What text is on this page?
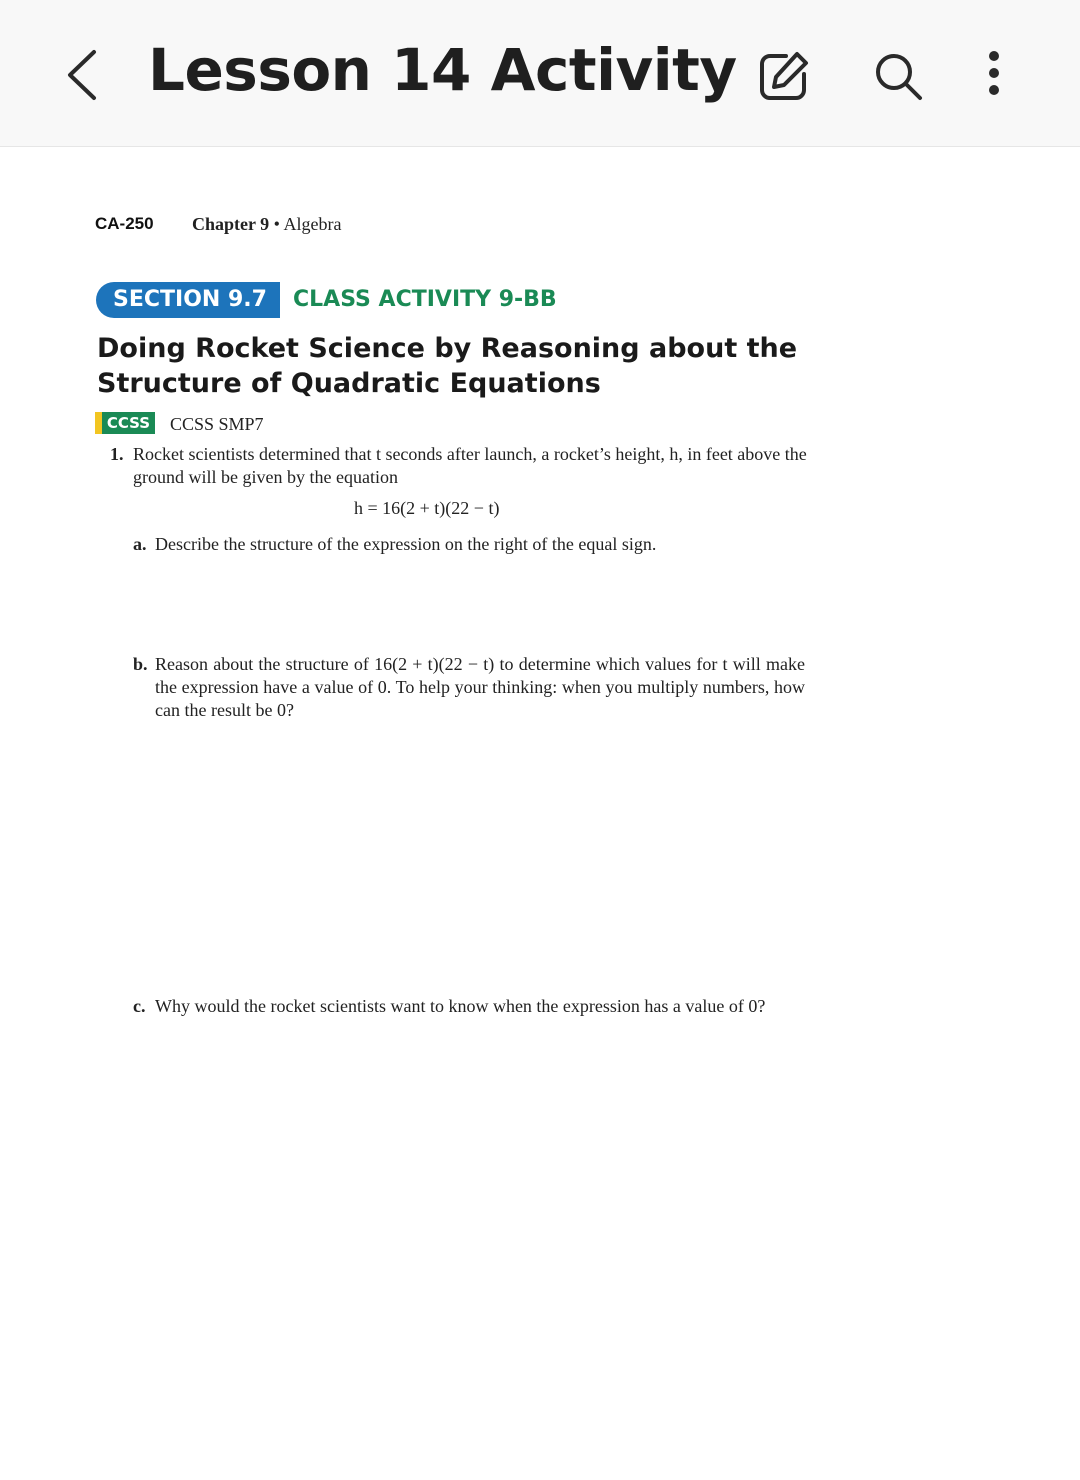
Lesson 14 Activity
CA-250 Chapter 9 • Algebra
SECTION 9.7	CLASS ACTIVITY 9-BB
Doing Rocket Science by Reasoning about the Structure of Quadratic Equations
CCSS CCSS SMP7
1. Rocket scientists determined that t seconds after launch, a rocket’s height, h, in feet above the ground will be given by the equation
h = 16(2 + t)(22 − t)
a. Describe the structure of the expression on the right of the equal sign.
b. Reason about the structure of 16(2 + t)(22 − t) to determine which values for t will make the expression have a value of 0. To help your thinking: when you multiply numbers, how can the result be 0?
c. Why would the rocket scientists want to know when the expression has a value of 0?
